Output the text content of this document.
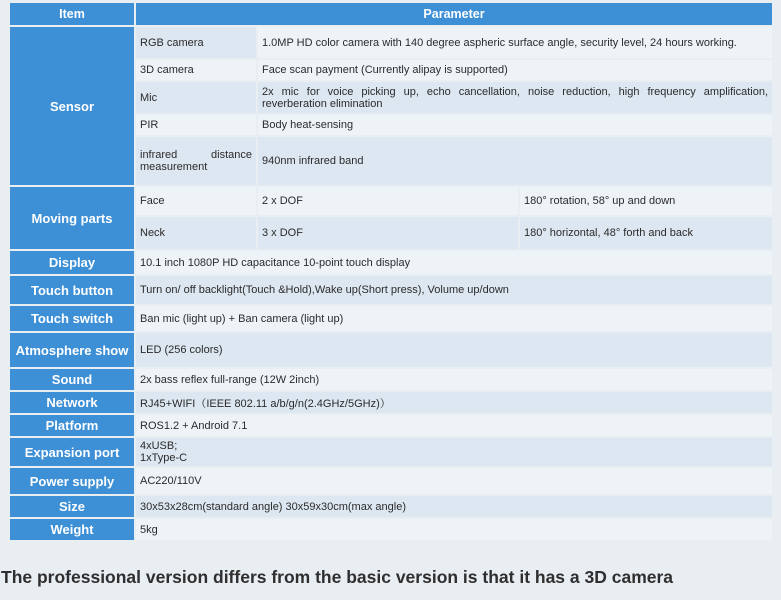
Item	Parameter		
Sensor	RGB camera	1.0MP HD color camera with 140 degree aspheric surface angle, security level, 24 hours working.	
	3D camera	Face scan payment (Currently alipay is supported)	
	Mic	2x mic for voice picking up, echo cancellation, noise reduction, high frequency amplification, reverberation elimination	
	PIR	Body heat-sensing	
	infrared distance measurement	940nm infrared band	
Moving parts	Face	2 x DOF	180° rotation, 58° up and down
	Neck	3 x DOF	180° horizontal, 48° forth and back
Display	10.1 inch 1080P HD capacitance 10-point touch display		
Touch button	Turn on/ off backlight(Touch &Hold),Wake up(Short press), Volume up/down		
Touch switch	Ban mic (light up) + Ban camera (light up)		
Atmosphere show	LED (256 colors)		
Sound	2x bass reflex full-range (12W 2inch)		
Network	RJ45+WIFI（IEEE 802.11 a/b/g/n(2.4GHz/5GHz)）		
Platform	ROS1.2 + Android 7.1		
Expansion port	4xUSB;
1xType-C		

Power supply	AC220/110V		
Size	30x53x28cm(standard angle) 30x59x30cm(max angle)		
Weight	5kg		
The professional version differs from the basic version is that it has a 3D camera
